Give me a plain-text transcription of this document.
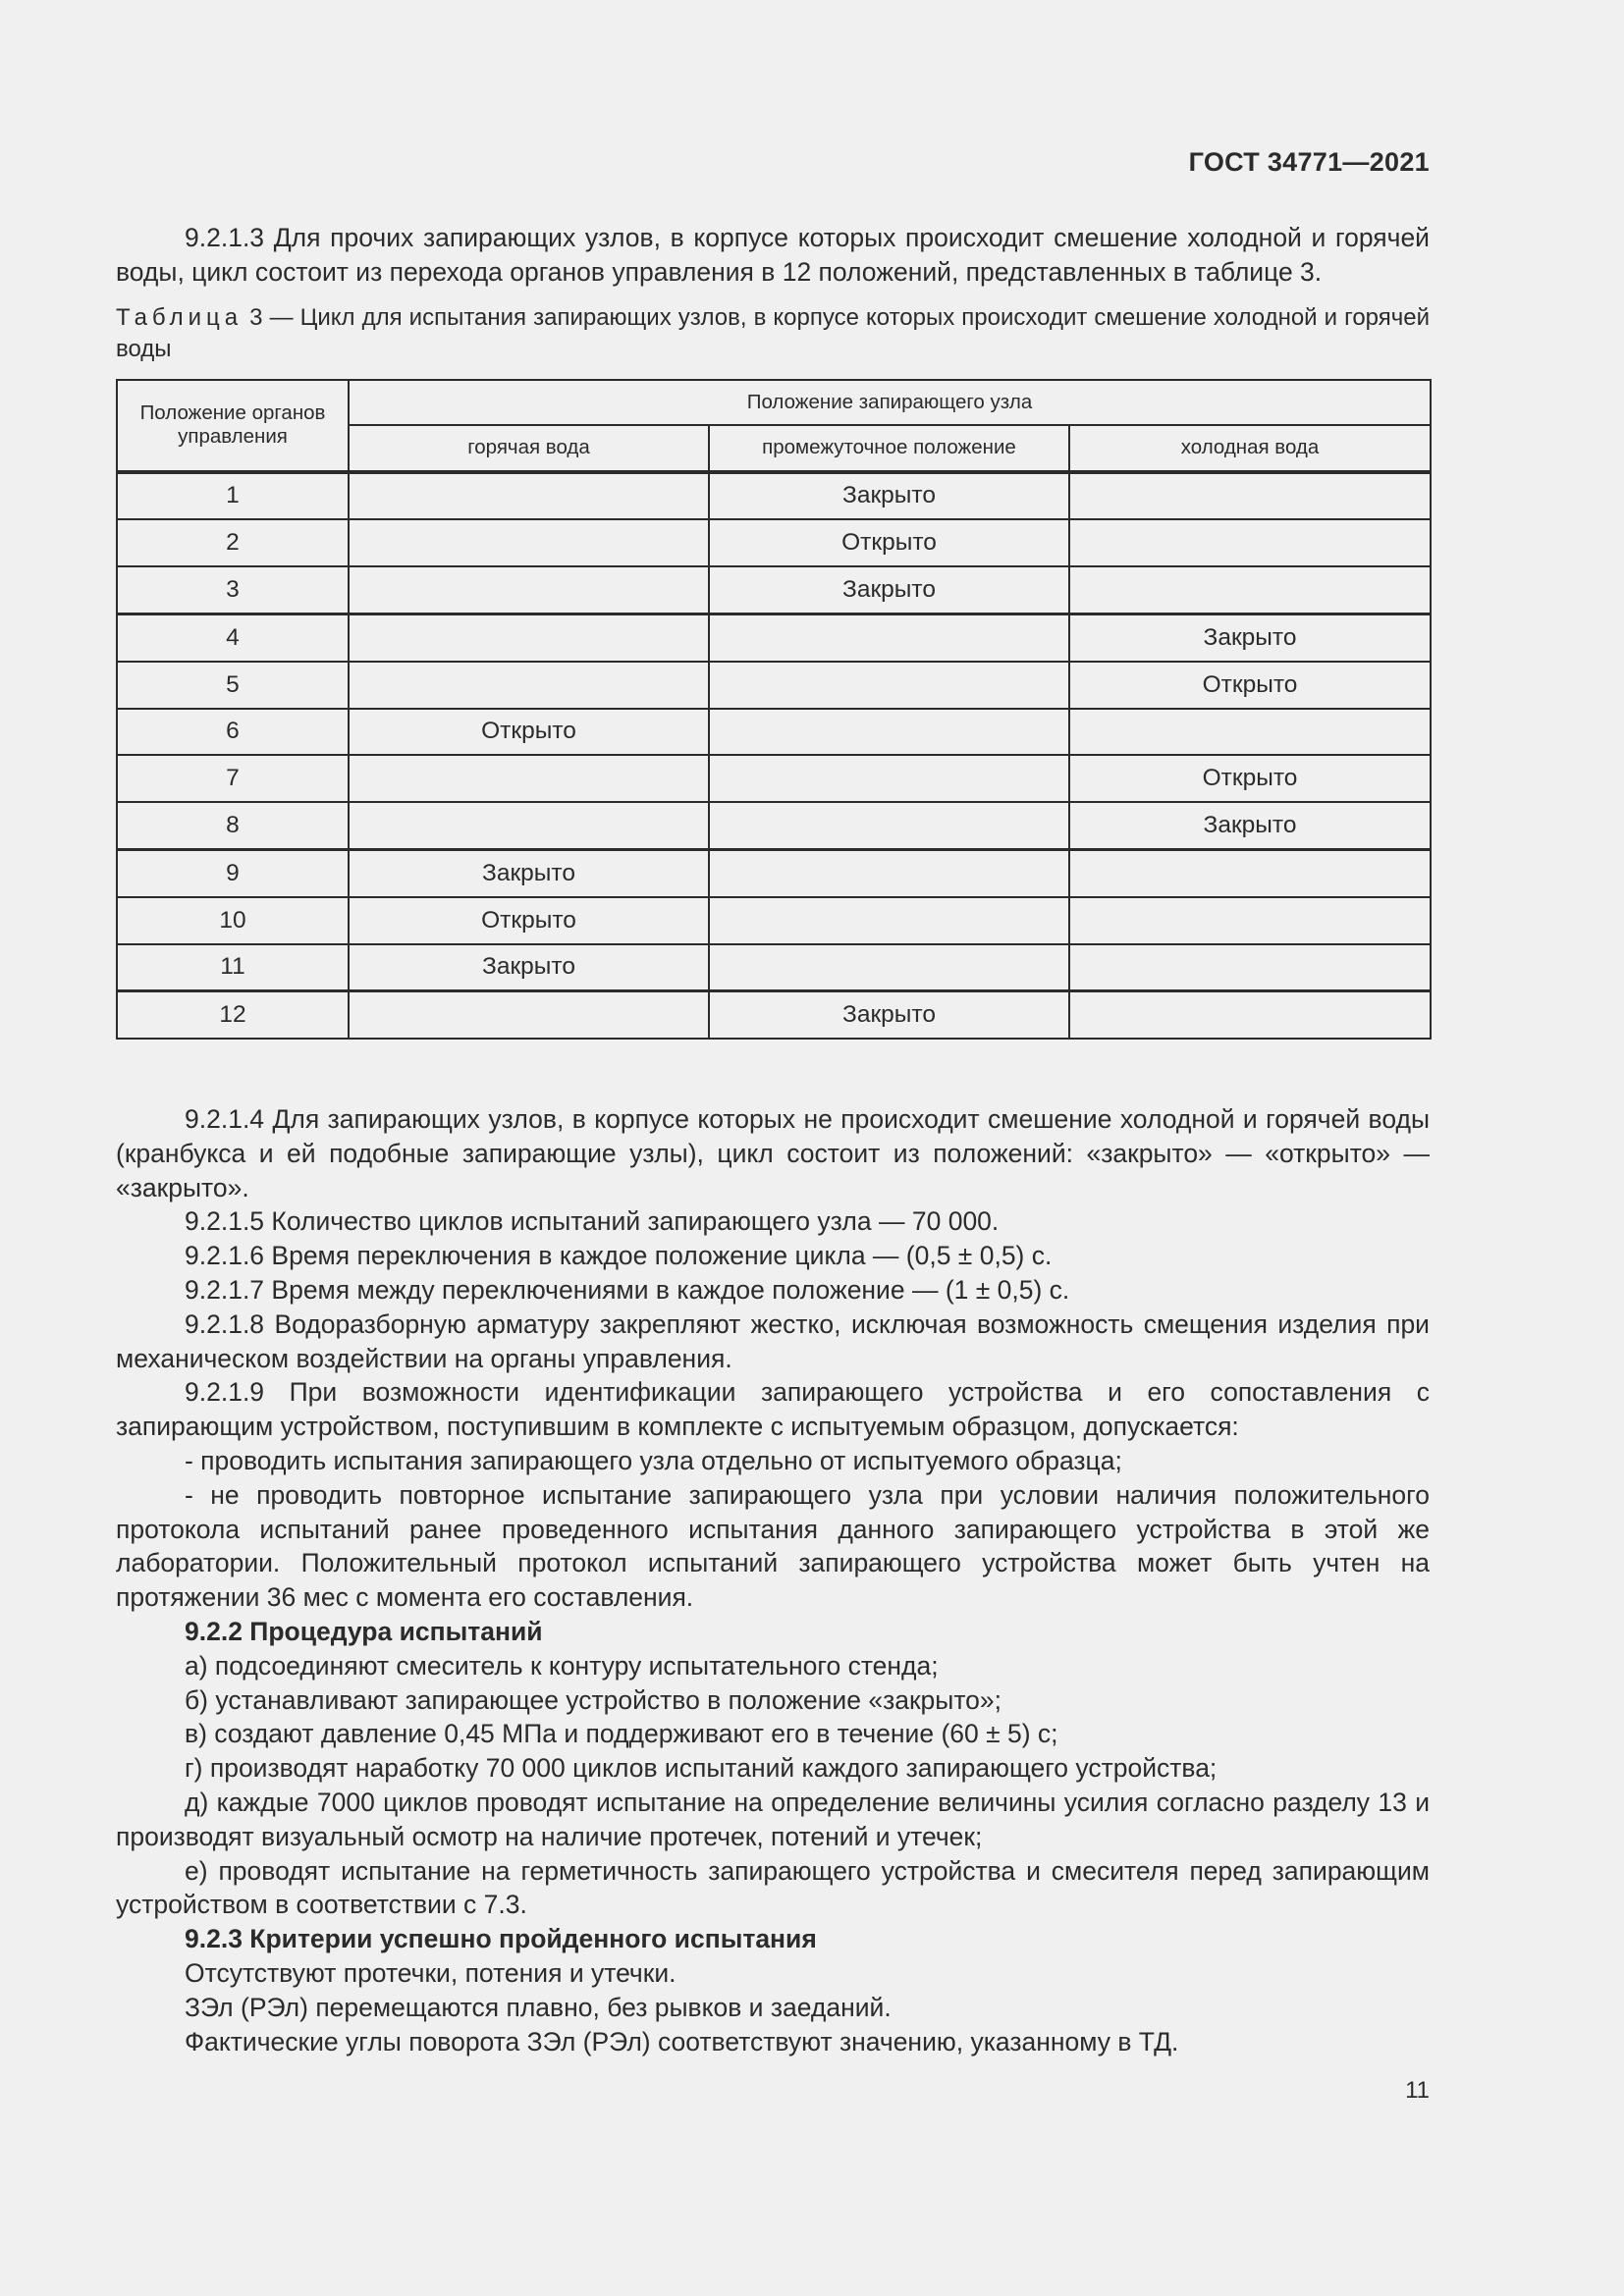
ГОСТ 34771—2021

9.2.1.3 Для прочих запирающих узлов, в корпусе которых происходит смешение холодной и горячей воды, цикл состоит из перехода органов управления в 12 положений, представленных в таблице 3.

Таблица 3 — Цикл для испытания запирающих узлов, в корпусе которых происходит смешение холодной и горячей воды
Положение органов управления	Положение запирающего узла		
	горячая вода	промежуточное положение	холодная вода
1		Закрыто	
2		Открыто	
3		Закрыто	
4			Закрыто
5			Открыто
6	Открыто		
7			Открыто
8			Закрыто
9	Закрыто		
10	Открыто		
11	Закрыто		
12		Закрыто	

9.2.1.4 Для запирающих узлов, в корпусе которых не происходит смешение холодной и горячей воды (кранбукса и ей подобные запирающие узлы), цикл состоит из положений: «закрыто» — «открыто» — «закрыто».

9.2.1.5 Количество циклов испытаний запирающего узла — 70 000.

9.2.1.6 Время переключения в каждое положение цикла — (0,5 ± 0,5) с.

9.2.1.7 Время между переключениями в каждое положение — (1 ± 0,5) с.

9.2.1.8 Водоразборную арматуру закрепляют жестко, исключая возможность смещения изделия при механическом воздействии на органы управления.

9.2.1.9 При возможности идентификации запирающего устройства и его сопоставления с запирающим устройством, поступившим в комплекте с испытуемым образцом, допускается:

- проводить испытания запирающего узла отдельно от испытуемого образца;

- не проводить повторное испытание запирающего узла при условии наличия положительного протокола испытаний ранее проведенного испытания данного запирающего устройства в этой же лаборатории. Положительный протокол испытаний запирающего устройства может быть учтен на протяжении 36 мес с момента его составления.

9.2.2 Процедура испытаний

а) подсоединяют смеситель к контуру испытательного стенда;

б) устанавливают запирающее устройство в положение «закрыто»;

в) создают давление 0,45 МПа и поддерживают его в течение (60 ± 5) с;

г) производят наработку 70 000 циклов испытаний каждого запирающего устройства;

д) каждые 7000 циклов проводят испытание на определение величины усилия согласно разделу 13 и производят визуальный осмотр на наличие протечек, потений и утечек;

е) проводят испытание на герметичность запирающего устройства и смесителя перед запирающим устройством в соответствии с 7.3.

9.2.3 Критерии успешно пройденного испытания

Отсутствуют протечки, потения и утечки.

ЗЭл (РЭл) перемещаются плавно, без рывков и заеданий.

Фактические углы поворота ЗЭл (РЭл) соответствуют значению, указанному в ТД.

11
